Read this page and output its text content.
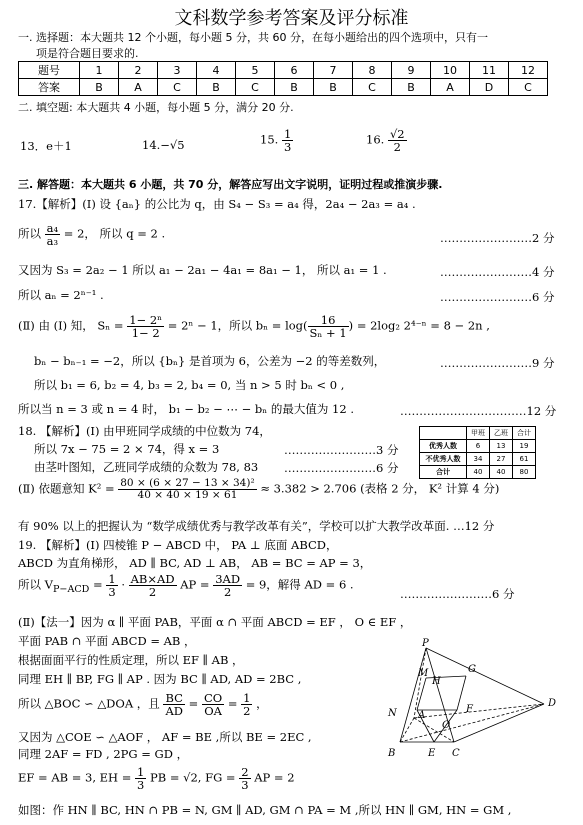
文科数学参考答案及评分标准
一. 选择题：本大题共 12 个小题，每小题 5 分，共 60 分，在每小题给出的四个选项中，只有一
项是符合题目要求的.
题号	1	2	3	4	5	6	7	8	9	10	11	12
答案	B	A	C	B	C	B	B	C	B	A	D	C
二. 填空题: 本大题共 4 小题，每小题 5 分，满分 20 分.
13．e＋1	14.−√5	15. $\frac{1}{3}$	16. $\frac{√2}{2}$
三. 解答题：本大题共 6 小题，共 70 分，解答应写出文字说明，证明过程或推演步骤.
17.【解析】(Ⅰ) 设 {aₙ} 的公比为 q，由 S₄ − S₃ = a₄ 得，2a₄ − 2a₃ = a₄ .
所以 $\frac{\text{a₄}}{\text{a₃}} = 2$， 所以 q = 2 .	……………………2 分
又因为 S₃ = 2a₂ − 1 所以 a₁ − 2a₁ − 4a₁ = 8a₁ − 1， 所以 a₁ = 1 .	……………………4 分
所以 aₙ = 2ⁿ⁻¹ .	……………………6 分
(Ⅱ) 由 (Ⅰ) 知， $S_n = \frac{\text{1− 2ⁿ}}{1- 2} = 2^n - 1$，所以 $b_n = \log( \frac{16}{\text{Sₙ + 1}}$ ) = 2log₂ 2⁴⁻ⁿ = 8 − 2n ,
bₙ − bₙ₋₁ = −2，所以 {bₙ} 是首项为 6，公差为 −2 的等差数列，	……………………9 分
所以 b₁ = 6, b₂ = 4, b₃ = 2, b₄ = 0, 当 n > 5 时 bₙ < 0 ,
所以当 n = 3 或 n = 4 时， b₁ − b₂ − ⋯ − bₙ 的最大值为 12 .	……………………………12 分
18. 【解析】(Ⅰ) 由甲班同学成绩的中位数为 74，
所以 7x − 75 = 2 × 74，得 x = 3	……………………3 分
由茎叶图知，乙班同学成绩的众数为 78, 83 ……………………6 分
	甲班	乙班	合计
优秀人数	6	13	19
不优秀人数	34	27	61
合计	40	40	80
(Ⅱ) 依题意知 $K^2 = \frac{\text{80 × (6 × 27 − 13 × 34)²}}{40 \times 40 \times 19 \times 61} \approx 3.382 > 2.706$ (表格 2 分， K² 计算 4 分)
有 90% 以上的把握认为 “数学成绩优秀与教学改革有关”，学校可以扩大教学改革面. …12 分
19. 【解析】(Ⅰ) 四棱锥 P − ABCD 中， PA ⊥ 底面 ABCD，
ABCD 为直角梯形， AD ∥ BC, AD ⊥ AB， AB = BC = AP = 3，
所以 $V_{P-ACD} = \frac{1}{3} \cdot \frac{AB\times AD}{2}$ AP = $\frac{3AD}{2} = 9$，解得 AD = 6 .
……………………6 分
(Ⅱ)【法一】因为 α ∥ 平面 PAB，平面 α ∩ 平面 ABCD = EF ， O ∈ EF ，
平面 PAB ∩ 平面 ABCD = AB ，
根据面面平行的性质定理，所以 EF ∥ AB ，
同理 EH ∥ BP, FG ∥ AP . 因为 BC ∥ AD, AD = 2BC ,
所以 △BOC ∽ △DOA ，且 $\frac{BC}{AD} = \frac{CO}{OA} = \frac{1}{2}$ ，
又因为 △COE ∽ △AOF ， AF = BE ,所以 BE = 2EC ,
同理 2AF = FD , 2PG = GD ，
EF = AB = 3, EH = $\frac{1}{3}$ PB = √2, FG = $\frac{2}{3}$ AP = 2
如图：作 HN ∥ BC, HN ∩ PB = N, GM ∥ AD, GM ∩ PA = M ,所以 HN ∥ GM, HN = GM ,
P
G
H
M
N A
F
O
D
B	E C
